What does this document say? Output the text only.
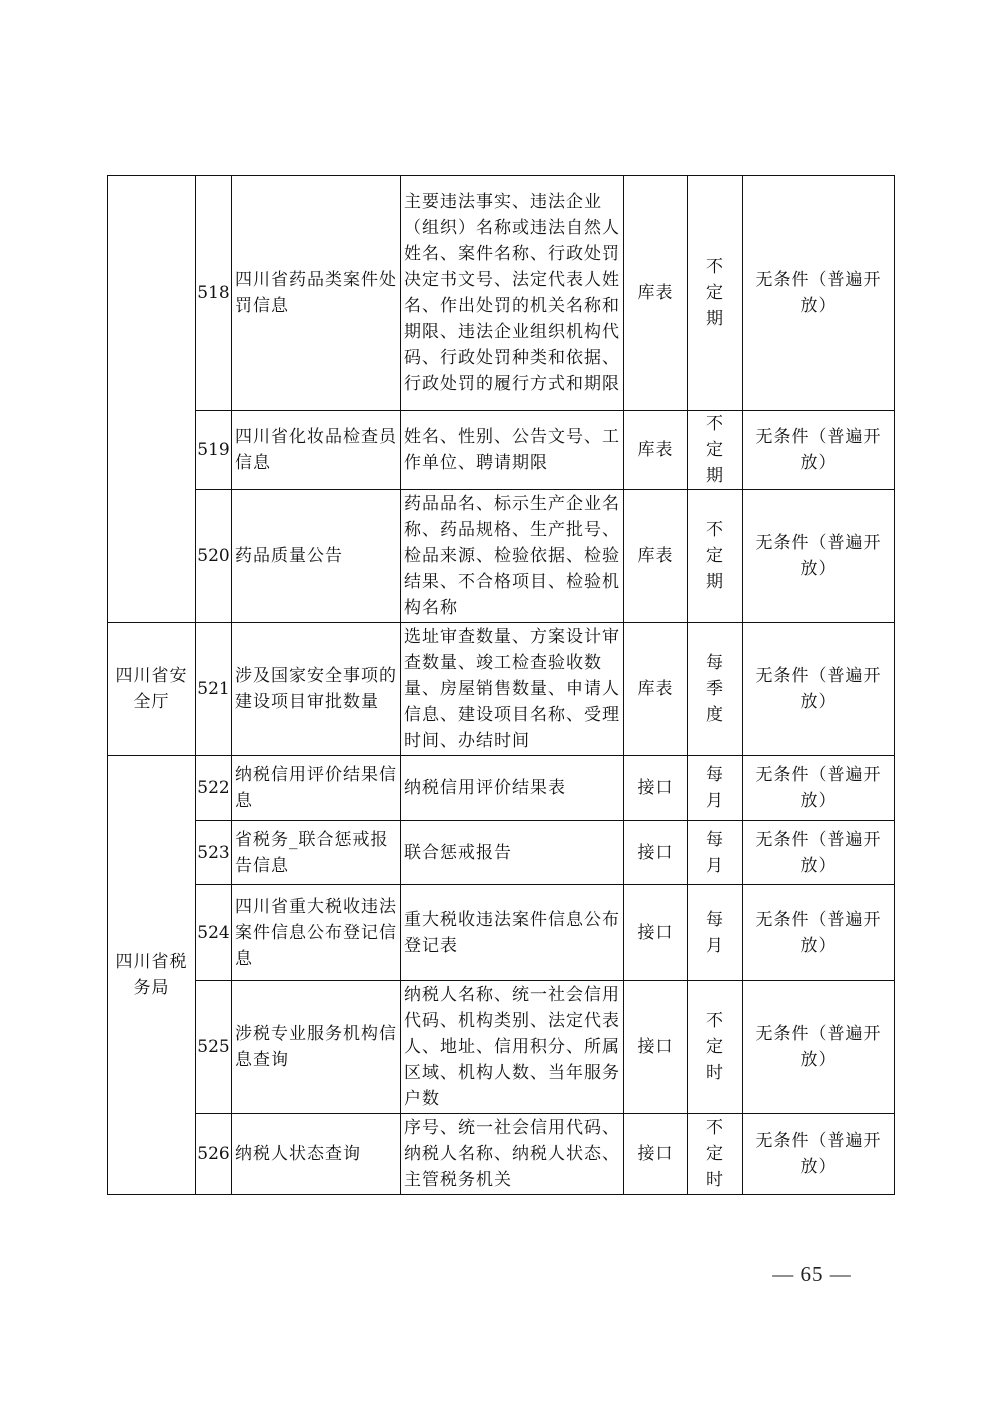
	518	四川省药品类案件处罚信息	主要违法事实、违法企业（组织）名称或违法自然人姓名、案件名称、行政处罚决定书文号、法定代表人姓名、作出处罚的机关名称和期限、违法企业组织机构代码、行政处罚种类和依据、行政处罚的履行方式和期限	库表	不定期	无条件（普遍开放）
	519	四川省化妆品检查员信息	姓名、性别、公告文号、工作单位、聘请期限	库表	不定期	无条件（普遍开放）
	520	药品质量公告	药品品名、标示生产企业名称、药品规格、生产批号、检品来源、检验依据、检验结果、不合格项目、检验机构名称	库表	不定期	无条件（普遍开放）
四川省安全厅	521	涉及国家安全事项的建设项目审批数量	选址审查数量、方案设计审查数量、竣工检查验收数量、房屋销售数量、申请人信息、建设项目名称、受理时间、办结时间	库表	每季度	无条件（普遍开放）
四川省税务局	522	纳税信用评价结果信息	纳税信用评价结果表	接口	每月	无条件（普遍开放）
	523	省税务_联合惩戒报告信息	联合惩戒报告	接口	每月	无条件（普遍开放）
	524	四川省重大税收违法案件信息公布登记信息	重大税收违法案件信息公布登记表	接口	每月	无条件（普遍开放）
	525	涉税专业服务机构信息查询	纳税人名称、统一社会信用代码、机构类别、法定代表人、地址、信用积分、所属区域、机构人数、当年服务户数	接口	不定时	无条件（普遍开放）
	526	纳税人状态查询	序号、统一社会信用代码、纳税人名称、纳税人状态、主管税务机关	接口	不定时	无条件（普遍开放）
— 65 —
